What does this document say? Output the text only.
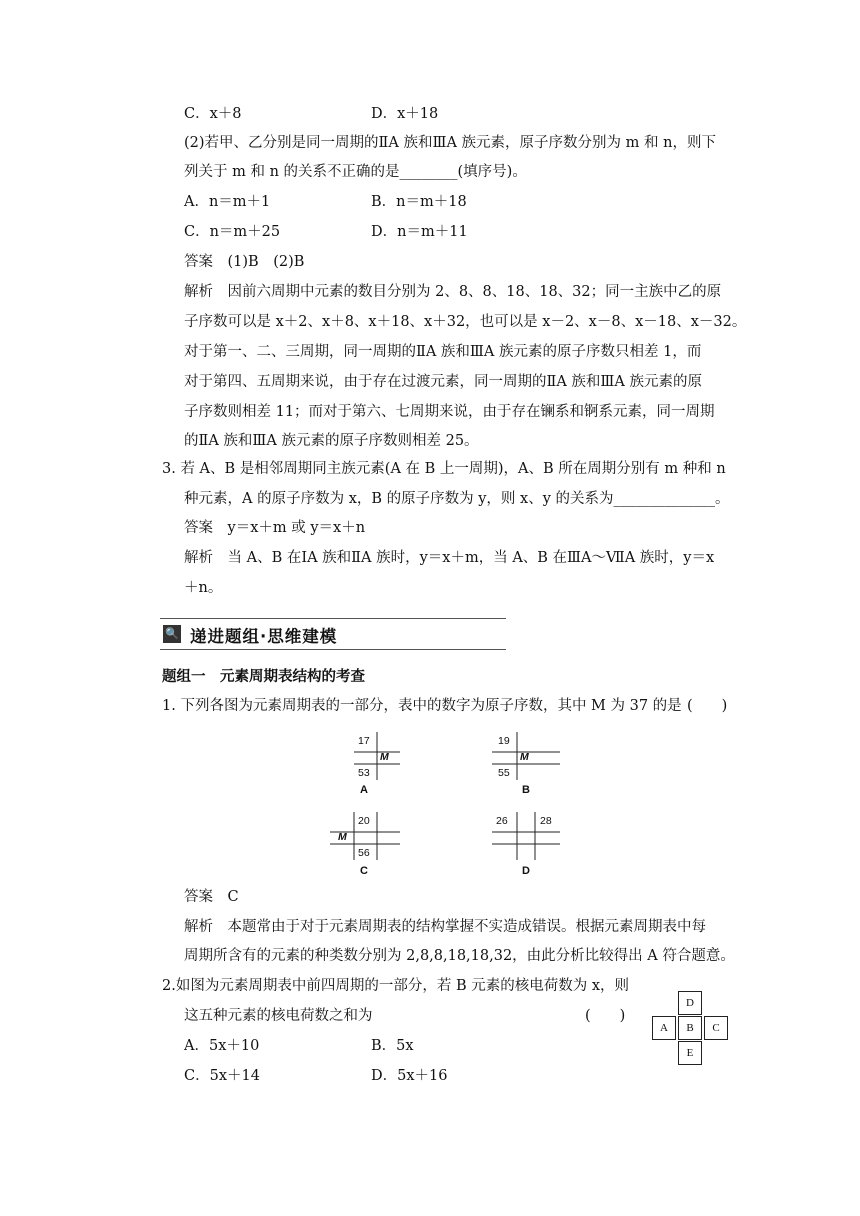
C．x＋8	D．x＋18
(2)若甲、乙分别是同一周期的ⅡA 族和ⅢA 族元素，原子序数分别为 m 和 n，则下
列关于 m 和 n 的关系不正确的是________(填序号)。
A．n＝m＋1	B．n＝m＋18
C．n＝m＋25	D．n＝m＋11
答案　(1)B　(2)B
解析　因前六周期中元素的数目分别为 2、8、8、18、18、32；同一主族中乙的原
子序数可以是 x＋2、x＋8、x＋18、x＋32，也可以是 x－2、x－8、x－18、x－32。
对于第一、二、三周期，同一周期的ⅡA 族和ⅢA 族元素的原子序数只相差 1，而
对于第四、五周期来说，由于存在过渡元素，同一周期的ⅡA 族和ⅢA 族元素的原
子序数则相差 11；而对于第六、七周期来说，由于存在镧系和锕系元素，同一周期
的ⅡA 族和ⅢA 族元素的原子序数则相差 25。
3. 若 A、B 是相邻周期同主族元素(A 在 B 上一周期)，A、B 所在周期分别有 m 种和 n
种元素，A 的原子序数为 x，B 的原子序数为 y，则 x、y 的关系为______________。
答案　y＝x＋m 或 y＝x＋n
解析　当 A、B 在ⅠA 族和ⅡA 族时，y＝x＋m，当 A、B 在ⅢA～ⅦA 族时，y＝x
＋n。
🔍 递进题组·思维建模
题组一　元素周期表结构的考查
1. 下列各图为元素周期表的一部分，表中的数字为原子序数，其中 M 为 37 的是 (　　)
17
M
53
A
19
M
55
B
20
M
56
C
26	28
D
答案　C
解析　本题常由于对于元素周期表的结构掌握不实造成错误。根据元素周期表中每
周期所含有的元素的种类数分别为 2,8,8,18,18,32，由此分析比较得出 A 符合题意。
2.如图为元素周期表中前四周期的一部分，若 B 元素的核电荷数为 x，则
这五种元素的核电荷数之和为	(　　)
A．5x＋10	B．5x
C．5x＋14	D．5x＋16
D
A	B	C
E
